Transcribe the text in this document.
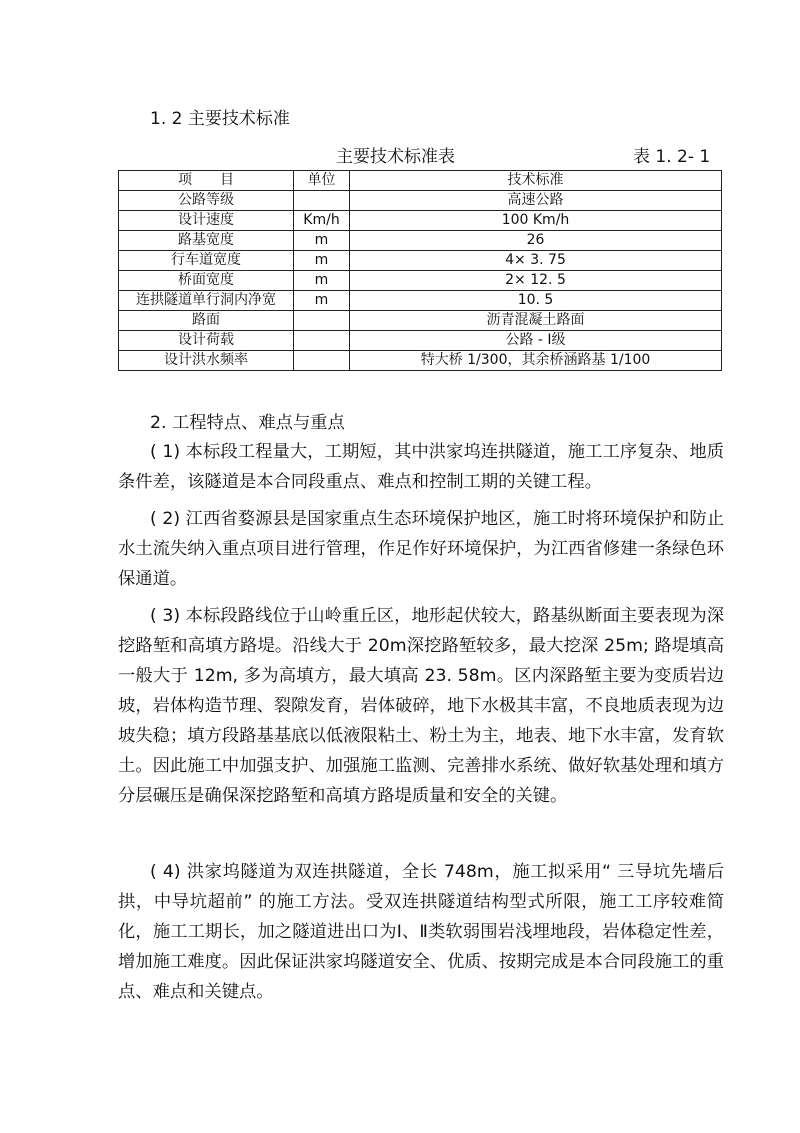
1. 2 主要技术标准
主要技术标准表	表 1. 2- 1
项　　目	单位	技术标准
公路等级		高速公路
设计速度	Km/h	100 Km/h
路基宽度	m	26
行车道宽度	m	4× 3. 75
桥面宽度	m	2× 12. 5
连拱隧道单行洞内净宽	m	10. 5
路面		沥青混凝土路面
设计荷载		公路 - Ⅰ级
设计洪水频率		特大桥 1/300，其余桥涵路基 1/100
2. 工程特点、难点与重点

( 1) 本标段工程量大，工期短，其中洪家坞连拱隧道，施工工序复杂、地质条件差，该隧道是本合同段重点、难点和控制工期的关键工程。

( 2) 江西省婺源县是国家重点生态环境保护地区，施工时将环境保护和防止水土流失纳入重点项目进行管理，作足作好环境保护，为江西省修建一条绿色环保通道。

( 3) 本标段路线位于山岭重丘区，地形起伏较大，路基纵断面主要表现为深挖路堑和高填方路堤。沿线大于 20m深挖路堑较多，最大挖深 25m; 路堤填高一般大于 12m, 多为高填方，最大填高 23. 58m。区内深路堑主要为变质岩边坡，岩体构造节理、裂隙发育，岩体破碎，地下水极其丰富，不良地质表现为边坡失稳；填方段路基基底以低液限粘土、粉土为主，地表、地下水丰富，发育软土。因此施工中加强支护、加强施工监测、完善排水系统、做好软基处理和填方分层碾压是确保深挖路堑和高填方路堤质量和安全的关键。

( 4) 洪家坞隧道为双连拱隧道，全长 748m，施工拟采用“ 三导坑先墙后拱，中导坑超前” 的施工方法。受双连拱隧道结构型式所限，施工工序较难简化，施工工期长，加之隧道进出口为Ⅰ、Ⅱ类软弱围岩浅埋地段，岩体稳定性差，增加施工难度。因此保证洪家坞隧道安全、优质、按期完成是本合同段施工的重点、难点和关键点。
